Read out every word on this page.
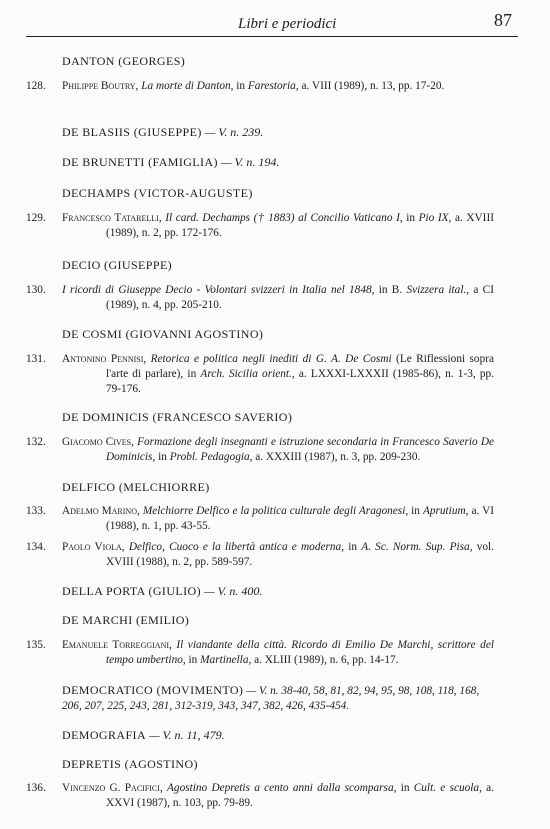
Libri e periodici	87
DANTON (GEORGES)
128. Philippe Boutry, La morte di Danton, in Farestoria, a. VIII (1989), n. 13, pp. 17-20.
DE BLASIIS (GIUSEPPE) — V. n. 239.
DE BRUNETTI (FAMIGLIA) — V. n. 194.
DECHAMPS (VICTOR-AUGUSTE)
129. Francesco Tatarelli, Il card. Dechamps († 1883) al Concilio Vaticano I, in Pio IX, a. XVIII (1989), n. 2, pp. 172-176.
DECIO (GIUSEPPE)
130. I ricordi di Giuseppe Decio - Volontari svizzeri in Italia nel 1848, in B. Svizzera ital., a CI (1989), n. 4, pp. 205-210.
DE COSMI (GIOVANNI AGOSTINO)
131. Antonino Pennisi, Retorica e politica negli inediti di G. A. De Cosmi (Le Riflessioni sopra l'arte di parlare), in Arch. Sicilia orient., a. LXXXI-LXXXII (1985-86), n. 1-3, pp. 79-176.
DE DOMINICIS (FRANCESCO SAVERIO)
132. Giacomo Cives, Formazione degli insegnanti e istruzione secondaria in Francesco Saverio De Dominicis, in Probl. Pedagogia, a. XXXIII (1987), n. 3, pp. 209-230.
DELFICO (MELCHIORRE)
133. Adelmo Marino, Melchiorre Delfico e la politica culturale degli Aragonesi, in Aprutium, a. VI (1988), n. 1, pp. 43-55.
134. Paolo Viola, Delfico, Cuoco e la libertà antica e moderna, in A. Sc. Norm. Sup. Pisa, vol. XVIII (1988), n. 2, pp. 589-597.
DELLA PORTA (GIULIO) — V. n. 400.
DE MARCHI (EMILIO)
135. Emanuele Torreggiani, Il viandante della città. Ricordo di Emilio De Marchi, scrittore del tempo umbertino, in Martinella, a. XLIII (1989), n. 6, pp. 14-17.
DEMOCRATICO (MOVIMENTO) — V. n. 38-40, 58, 81, 82, 94, 95, 98, 108, 118, 168, 206, 207, 225, 243, 281, 312-319, 343, 347, 382, 426, 435-454.
DEMOGRAFIA — V. n. 11, 479.
DEPRETIS (AGOSTINO)
136. Vincenzo G. Pacifici, Agostino Depretis a cento anni dalla scomparsa, in Cult. e scuola, a. XXVI (1987), n. 103, pp. 79-89.
